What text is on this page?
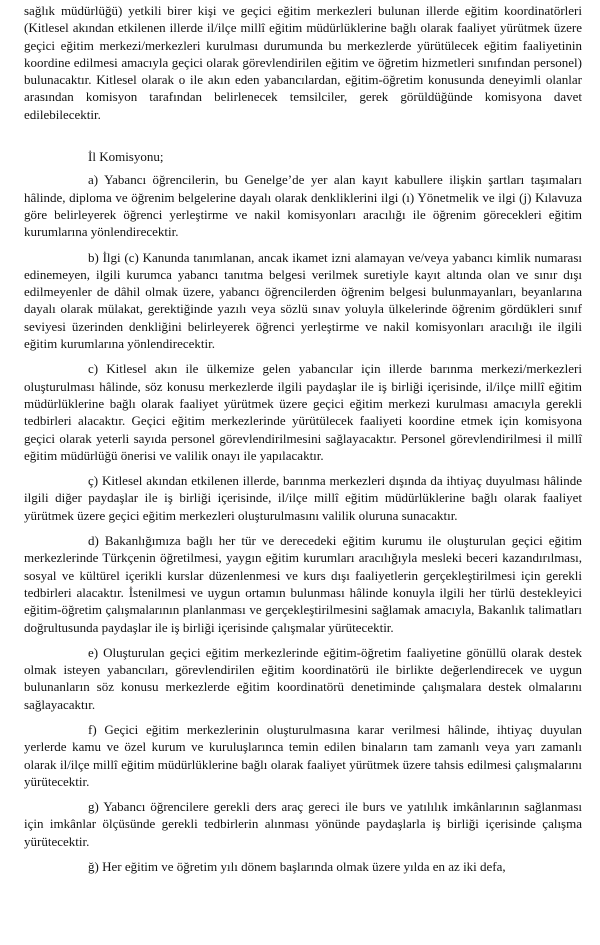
sağlık müdürlüğü) yetkili birer kişi ve geçici eğitim merkezleri bulunan illerde eğitim koordinatörleri (Kitlesel akından etkilenen illerde il/ilçe millî eğitim müdürlüklerine bağlı olarak faaliyet yürütmek üzere geçici eğitim merkezi/merkezleri kurulması durumunda bu merkezlerde yürütülecek eğitim faaliyetinin koordine edilmesi amacıyla geçici olarak görevlendirilen eğitim ve öğretim hizmetleri sınıfından personel) bulunacaktır. Kitlesel olarak o ile akın eden yabancılardan, eğitim-öğretim konusunda deneyimli olanlar arasından komisyon tarafından belirlenecek temsilciler, gerek görüldüğünde komisyona davet edilebilecektir.

İl Komisyonu;

a) Yabancı öğrencilerin, bu Genelge’de yer alan kayıt kabullere ilişkin şartları taşımaları hâlinde, diploma ve öğrenim belgelerine dayalı olarak denkliklerini ilgi (ı) Yönetmelik ve ilgi (j) Kılavuza göre belirleyerek öğrenci yerleştirme ve nakil komisyonları aracılığı ile öğrenim görecekleri eğitim kurumlarına yönlendirecektir.

b) İlgi (c) Kanunda tanımlanan, ancak ikamet izni alamayan ve/veya yabancı kimlik numarası edinemeyen, ilgili kurumca yabancı tanıtma belgesi verilmek suretiyle kayıt altında olan ve sınır dışı edilmeyenler de dâhil olmak üzere, yabancı öğrencilerden öğrenim belgesi bulunmayanları, beyanlarına dayalı olarak mülakat, gerektiğinde yazılı veya sözlü sınav yoluyla ülkelerinde öğrenim gördükleri sınıf seviyesi üzerinden denkliğini belirleyerek öğrenci yerleştirme ve nakil komisyonları aracılığı ile ilgili eğitim kurumlarına yönlendirecektir.

c) Kitlesel akın ile ülkemize gelen yabancılar için illerde barınma merkezi/merkezleri oluşturulması hâlinde, söz konusu merkezlerde ilgili paydaşlar ile iş birliği içerisinde, il/ilçe millî eğitim müdürlüklerine bağlı olarak faaliyet yürütmek üzere geçici eğitim merkezi kurulması amacıyla gerekli tedbirleri alacaktır. Geçici eğitim merkezlerinde yürütülecek faaliyeti koordine etmek için komisyona geçici olarak yeterli sayıda personel görevlendirilmesini sağlayacaktır. Personel görevlendirilmesi il millî eğitim müdürlüğü önerisi ve valilik onayı ile yapılacaktır.

ç) Kitlesel akından etkilenen illerde, barınma merkezleri dışında da ihtiyaç duyulması hâlinde ilgili diğer paydaşlar ile iş birliği içerisinde, il/ilçe millî eğitim müdürlüklerine bağlı olarak faaliyet yürütmek üzere geçici eğitim merkezleri oluşturulmasını valilik oluruna sunacaktır.

d) Bakanlığımıza bağlı her tür ve derecedeki eğitim kurumu ile oluşturulan geçici eğitim merkezlerinde Türkçenin öğretilmesi, yaygın eğitim kurumları aracılığıyla mesleki beceri kazandırılması, sosyal ve kültürel içerikli kurslar düzenlenmesi ve kurs dışı faaliyetlerin gerçekleştirilmesi için gerekli tedbirleri alacaktır. İstenilmesi ve uygun ortamın bulunması hâlinde konuyla ilgili her türlü destekleyici eğitim-öğretim çalışmalarının planlanması ve gerçekleştirilmesini sağlamak amacıyla, Bakanlık talimatları doğrultusunda paydaşlar ile iş birliği içerisinde çalışmalar yürütecektir.

e) Oluşturulan geçici eğitim merkezlerinde eğitim-öğretim faaliyetine gönüllü olarak destek olmak isteyen yabancıları, görevlendirilen eğitim koordinatörü ile birlikte değerlendirecek ve uygun bulunanların söz konusu merkezlerde eğitim koordinatörü denetiminde çalışmalara destek olmalarını sağlayacaktır.

f) Geçici eğitim merkezlerinin oluşturulmasına karar verilmesi hâlinde, ihtiyaç duyulan yerlerde kamu ve özel kurum ve kuruluşlarınca temin edilen binaların tam zamanlı veya yarı zamanlı olarak il/ilçe millî eğitim müdürlüklerine bağlı olarak faaliyet yürütmek üzere tahsis edilmesi çalışmalarını yürütecektir.

g) Yabancı öğrencilere gerekli ders araç gereci ile burs ve yatılılık imkânlarının sağlanması için imkânlar ölçüsünde gerekli tedbirlerin alınması yönünde paydaşlarla iş birliği içerisinde çalışma yürütecektir.

ğ) Her eğitim ve öğretim yılı dönem başlarında olmak üzere yılda en az iki defa,
